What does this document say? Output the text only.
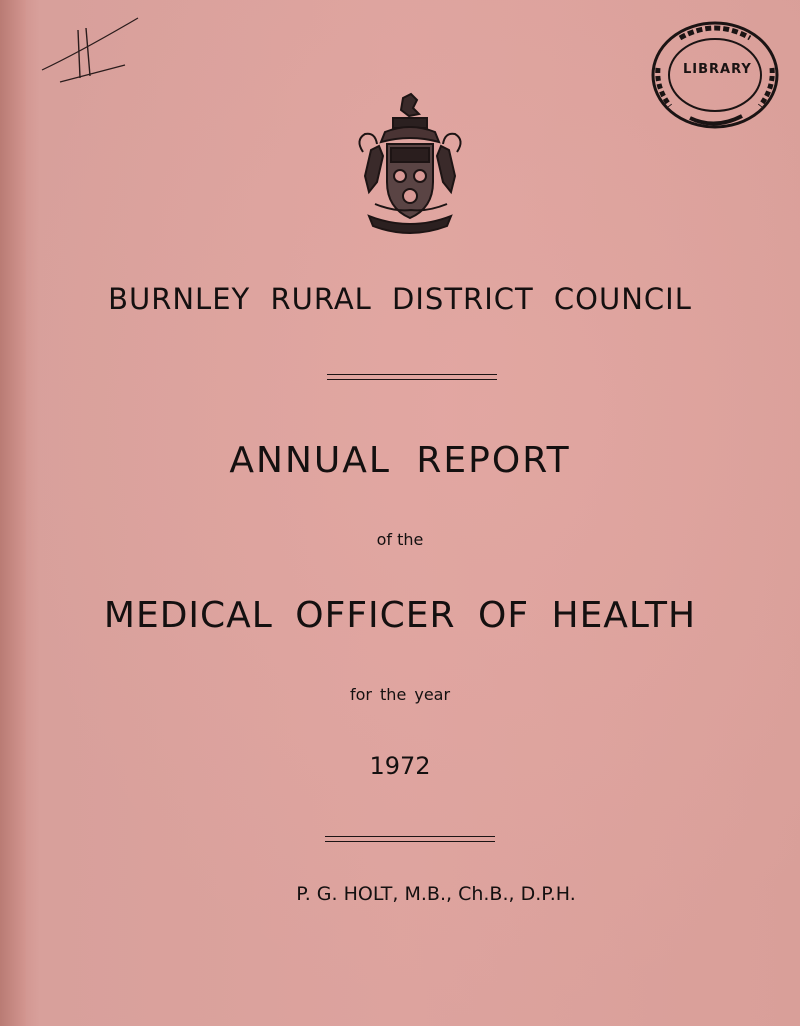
LIBRARY

BURNLEY RURAL DISTRICT COUNCIL

ANNUAL REPORT

of the

MEDICAL OFFICER OF HEALTH

for the year

1972

P. G. HOLT, M.B., Ch.B., D.P.H.
